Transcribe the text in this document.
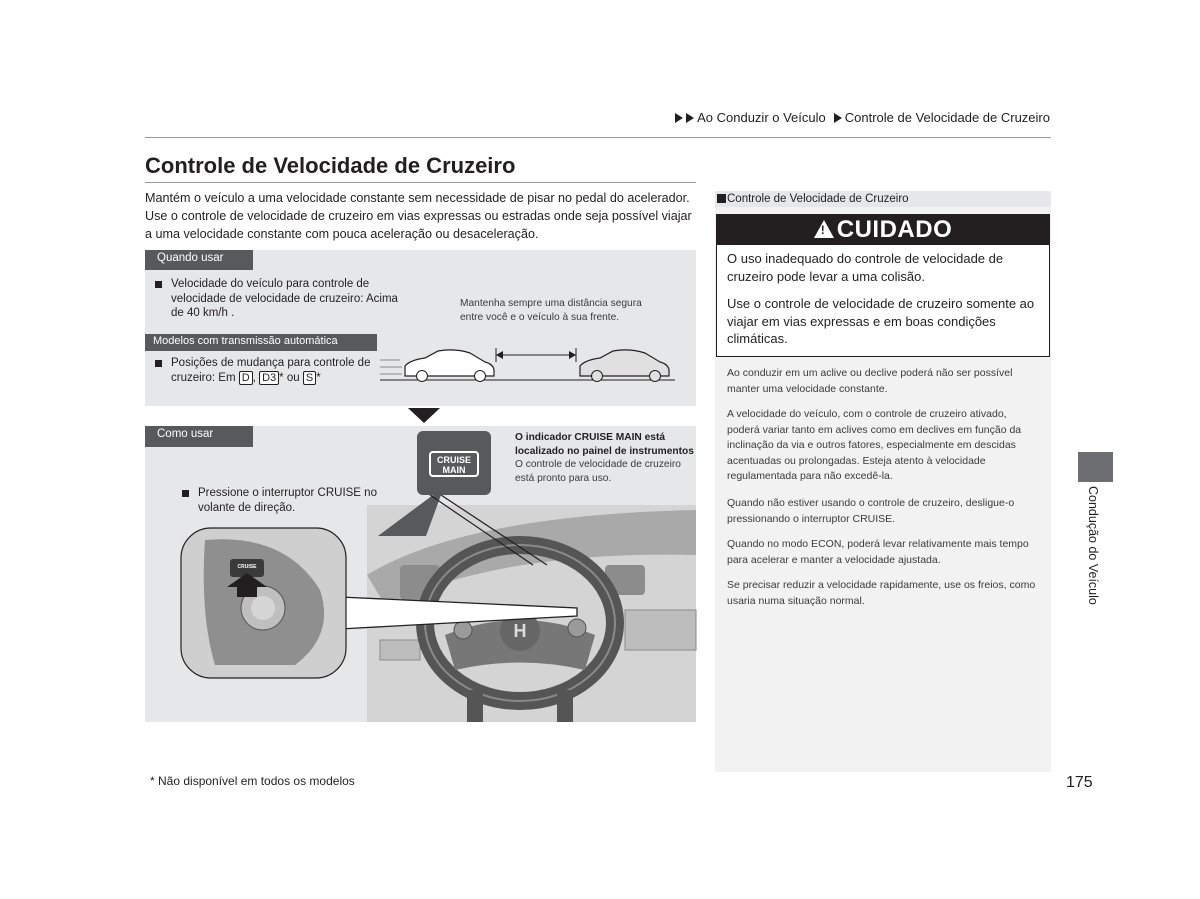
Ao Conduzir o Veículo Controle de Velocidade de Cruzeiro
Controle de Velocidade de Cruzeiro

Mantém o veículo a uma velocidade constante sem necessidade de pisar no pedal do acelerador. Use o controle de velocidade de cruzeiro em vias expressas ou estradas onde seja possível viajar a uma velocidade constante com pouca aceleração ou desaceleração.

Quando usar
Velocidade do veículo para controle de velocidade de velocidade de cruzeiro: Acima de 40 km/h .
Modelos com transmissão automática
Posições de mudança para controle de cruzeiro: Em D , D3 * ou S *

Mantenha sempre uma distância segura entre você e o veículo à sua frente.

Como usar
Pressione o interruptor CRUISE no volante de direção.
H
CRUISE
CRUISE MAIN
O indicador CRUISE MAIN está localizado no painel de instrumentos
O controle de velocidade de cruzeiro está pronto para uso.
Controle de Velocidade de Cruzeiro
!CUIDADO

O uso inadequado do controle de velocidade de cruzeiro pode levar a uma colisão.

Use o controle de velocidade de cruzeiro somente ao viajar em vias expressas e em boas condições climáticas.

Ao conduzir em um aclive ou declive poderá não ser possível manter uma velocidade constante.

A velocidade do veículo, com o controle de cruzeiro ativado, poderá variar tanto em aclives como em declives em função da inclinação da via e outros fatores, especialmente em descidas acentuadas ou prolongadas. Esteja atento à velocidade regulamentada para não excedê-la.

Quando não estiver usando o controle de cruzeiro, desligue-o pressionando o interruptor CRUISE.

Quando no modo ECON, poderá levar relativamente mais tempo para acelerar e manter a velocidade ajustada.

Se precisar reduzir a velocidade rapidamente, use os freios, como usaria numa situação normal.	Condução do Veículo
* Não disponível em todos os modelos	175
